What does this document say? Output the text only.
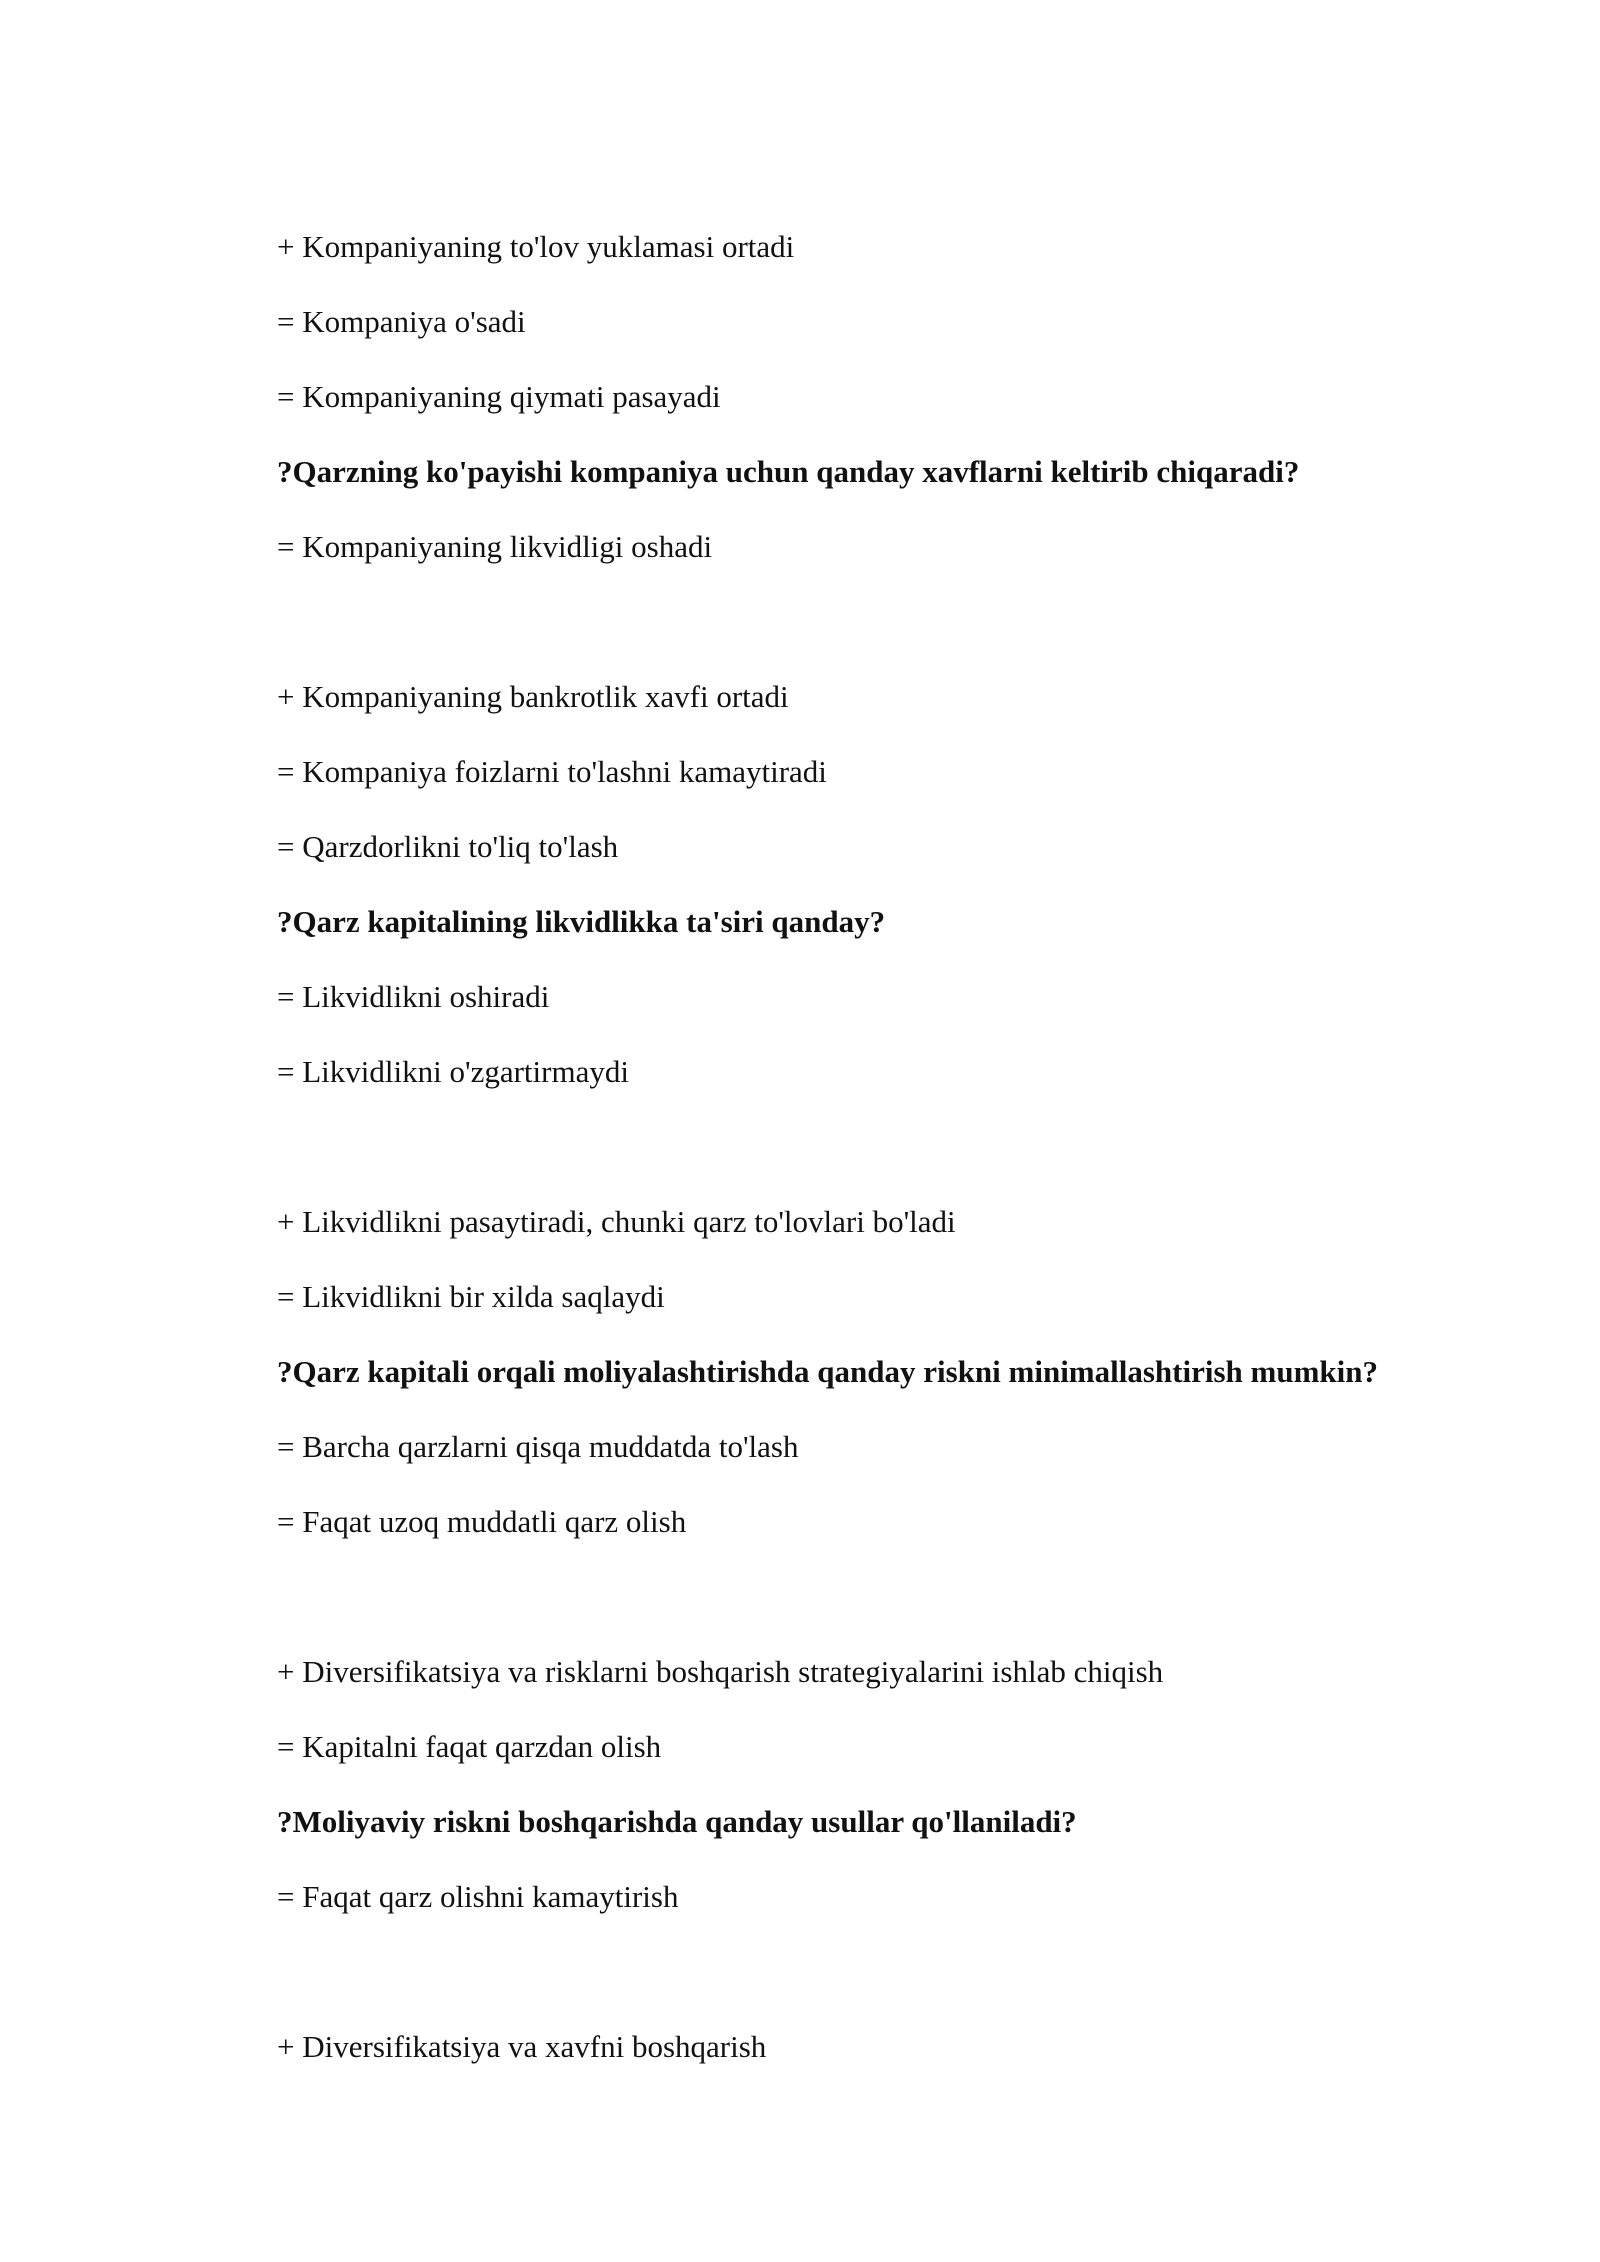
+ Kompaniyaning to'lov yuklamasi ortadi
= Kompaniya o'sadi
= Kompaniyaning qiymati pasayadi
?Qarzning ko'payishi kompaniya uchun qanday xavflarni keltirib chiqaradi?
= Kompaniyaning likvidligi oshadi
+ Kompaniyaning bankrotlik xavfi ortadi
= Kompaniya foizlarni to'lashni kamaytiradi
= Qarzdorlikni to'liq to'lash
?Qarz kapitalining likvidlikka ta'siri qanday?
= Likvidlikni oshiradi
= Likvidlikni o'zgartirmaydi
+ Likvidlikni pasaytiradi, chunki qarz to'lovlari bo'ladi
= Likvidlikni bir xilda saqlaydi
?Qarz kapitali orqali moliyalashtirishda qanday riskni minimallashtirish mumkin?
= Barcha qarzlarni qisqa muddatda to'lash
= Faqat uzoq muddatli qarz olish
+ Diversifikatsiya va risklarni boshqarish strategiyalarini ishlab chiqish
= Kapitalni faqat qarzdan olish
?Moliyaviy riskni boshqarishda qanday usullar qo'llaniladi?
= Faqat qarz olishni kamaytirish
+ Diversifikatsiya va xavfni boshqarish
